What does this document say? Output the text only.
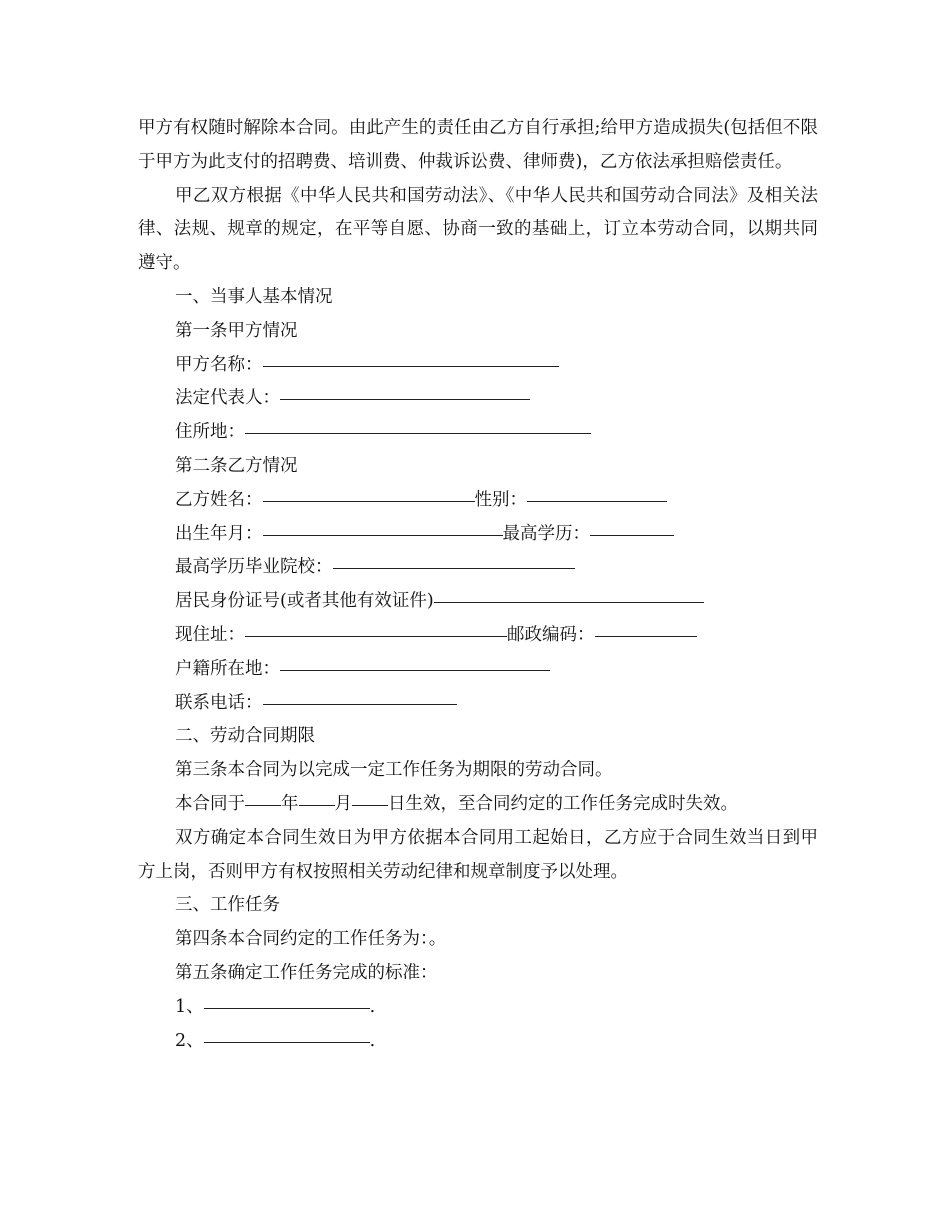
甲方有权随时解除本合同。由此产生的责任由乙方自行承担;给甲方造成损失(包括但不限于甲方为此支付的招聘费、培训费、仲裁诉讼费、律师费)，乙方依法承担赔偿责任。

甲乙双方根据《中华人民共和国劳动法》、《中华人民共和国劳动合同法》及相关法律、法规、规章的规定，在平等自愿、协商一致的基础上，订立本劳动合同，以期共同遵守。

一、当事人基本情况

第一条甲方情况

甲方名称：

法定代表人：

住所地：

第二条乙方情况

乙方姓名：	性别：

出生年月：	最高学历：

最高学历毕业院校：

居民身份证号(或者其他有效证件)

现住址：	邮政编码：

户籍所在地：

联系电话：

二、劳动合同期限

第三条本合同为以完成一定工作任务为期限的劳动合同。

本合同于 年 月 日生效，至合同约定的工作任务完成时失效。

双方确定本合同生效日为甲方依据本合同用工起始日，乙方应于合同生效当日到甲方上岗，否则甲方有权按照相关劳动纪律和规章制度予以处理。

三、工作任务

第四条本合同约定的工作任务为：。

第五条确定工作任务完成的标准：

1、	.

2、	.
